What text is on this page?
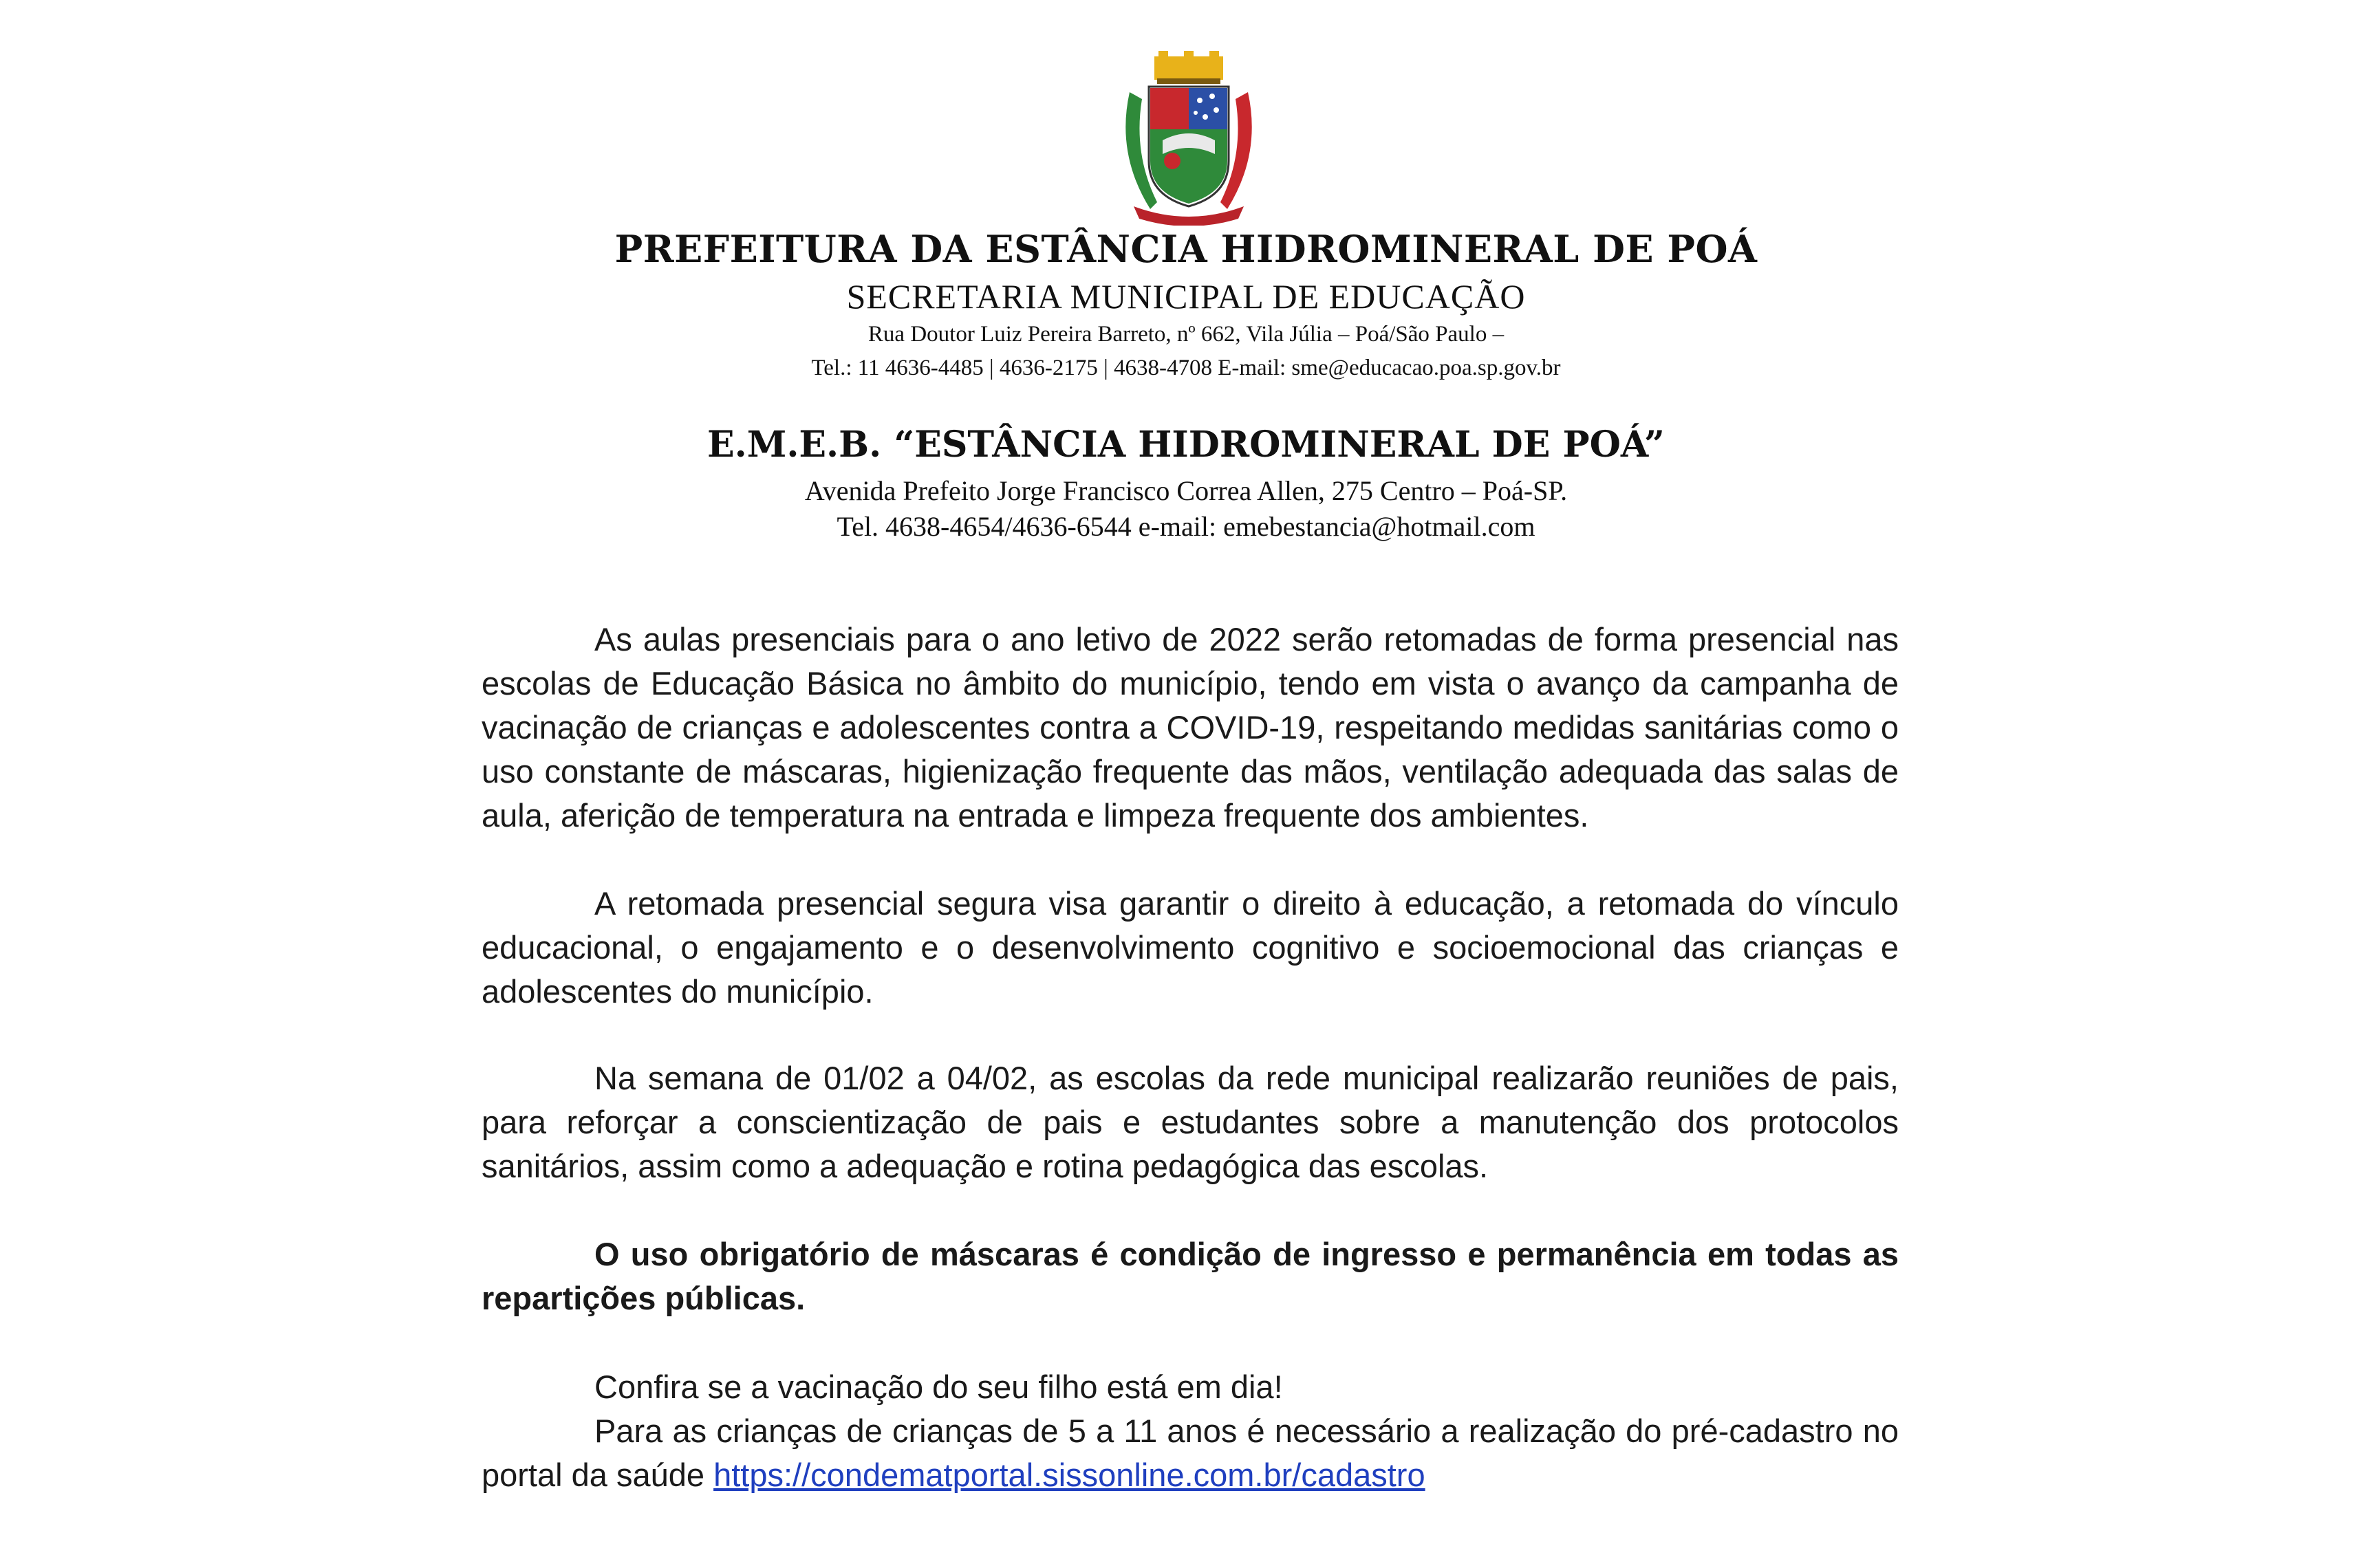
PREFEITURA DA ESTÂNCIA HIDROMINERAL DE POÁ
SECRETARIA MUNICIPAL DE EDUCAÇÃO
Rua Doutor Luiz Pereira Barreto, nº 662, Vila Júlia – Poá/São Paulo –
Tel.: 11 4636-4485 | 4636-2175 | 4638-4708 E-mail: sme@educacao.poa.sp.gov.br
E.M.E.B. “ESTÂNCIA HIDROMINERAL DE POÁ”
Avenida Prefeito Jorge Francisco Correa Allen, 275 Centro – Poá-SP.
Tel. 4638-4654/4636-6544 e-mail: emebestancia@hotmail.com

As aulas presenciais para o ano letivo de 2022 serão retomadas de forma presencial nas escolas de Educação Básica no âmbito do município, tendo em vista o avanço da campanha de vacinação de crianças e adolescentes contra a COVID-19, respeitando medidas sanitárias como o uso constante de máscaras, higienização frequente das mãos, ventilação adequada das salas de aula, aferição de temperatura na entrada e limpeza frequente dos ambientes.

A retomada presencial segura visa garantir o direito à educação, a retomada do vínculo educacional, o engajamento e o desenvolvimento cognitivo e socioemocional das crianças e adolescentes do município.

Na semana de 01/02 a 04/02, as escolas da rede municipal realizarão reuniões de pais, para reforçar a conscientização de pais e estudantes sobre a manutenção dos protocolos sanitários, assim como a adequação e rotina pedagógica das escolas.

O uso obrigatório de máscaras é condição de ingresso e permanência em todas as repartições públicas.

Confira se a vacinação do seu filho está em dia!

Para as crianças de crianças de 5 a 11 anos é necessário a realização do pré-cadastro no portal da saúde https://condematportal.sissonline.com.br/cadastro
